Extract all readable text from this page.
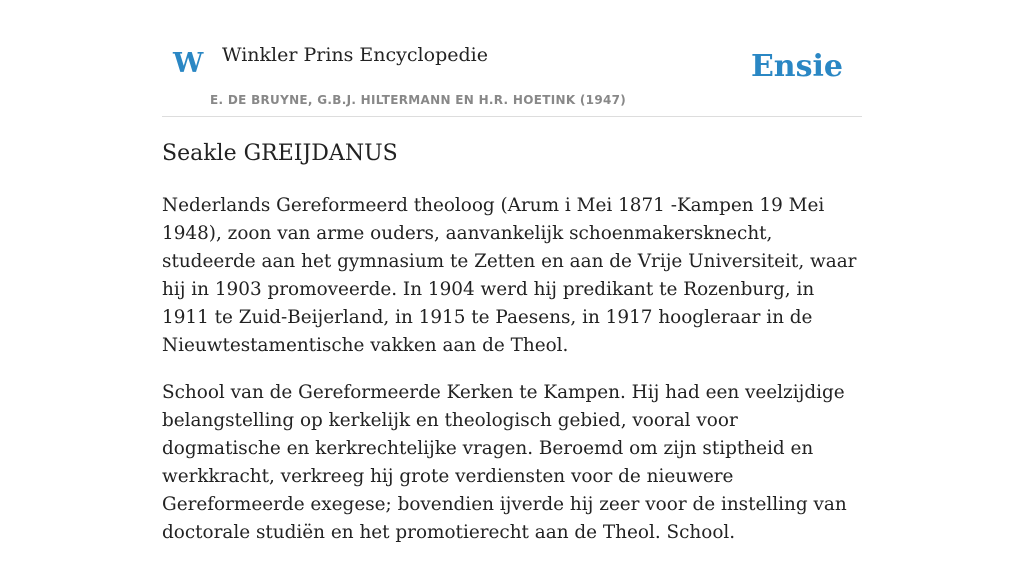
W Winkler Prins Encyclopedie
E. DE BRUYNE, G.B.J. HILTERMANN EN H.R. HOETINK (1947)
Ensie
Seakle GREIJDANUS

Nederlands Gereformeerd theoloog (Arum i Mei 1871 -Kampen 19 Mei 1948), zoon van arme ouders, aanvankelijk schoenmakersknecht, studeerde aan het gymnasium te Zetten en aan de Vrije Universiteit, waar hij in 1903 promoveerde. In 1904 werd hij predikant te Rozenburg, in 1911 te Zuid-Beijerland, in 1915 te Paesens, in 1917 hoogleraar in de Nieuwtestamentische vakken aan de Theol.

School van de Gereformeerde Kerken te Kampen. Hij had een veelzijdige belangstelling op kerkelijk en theologisch gebied, vooral voor dogmatische en kerkrechtelijke vragen. Beroemd om zijn stiptheid en werkkracht, verkreeg hij grote verdiensten voor de nieuwere Gereformeerde exegese; bovendien ijverde hij zeer voor de instelling van doctorale studiën en het promotierecht aan de Theol. School.
